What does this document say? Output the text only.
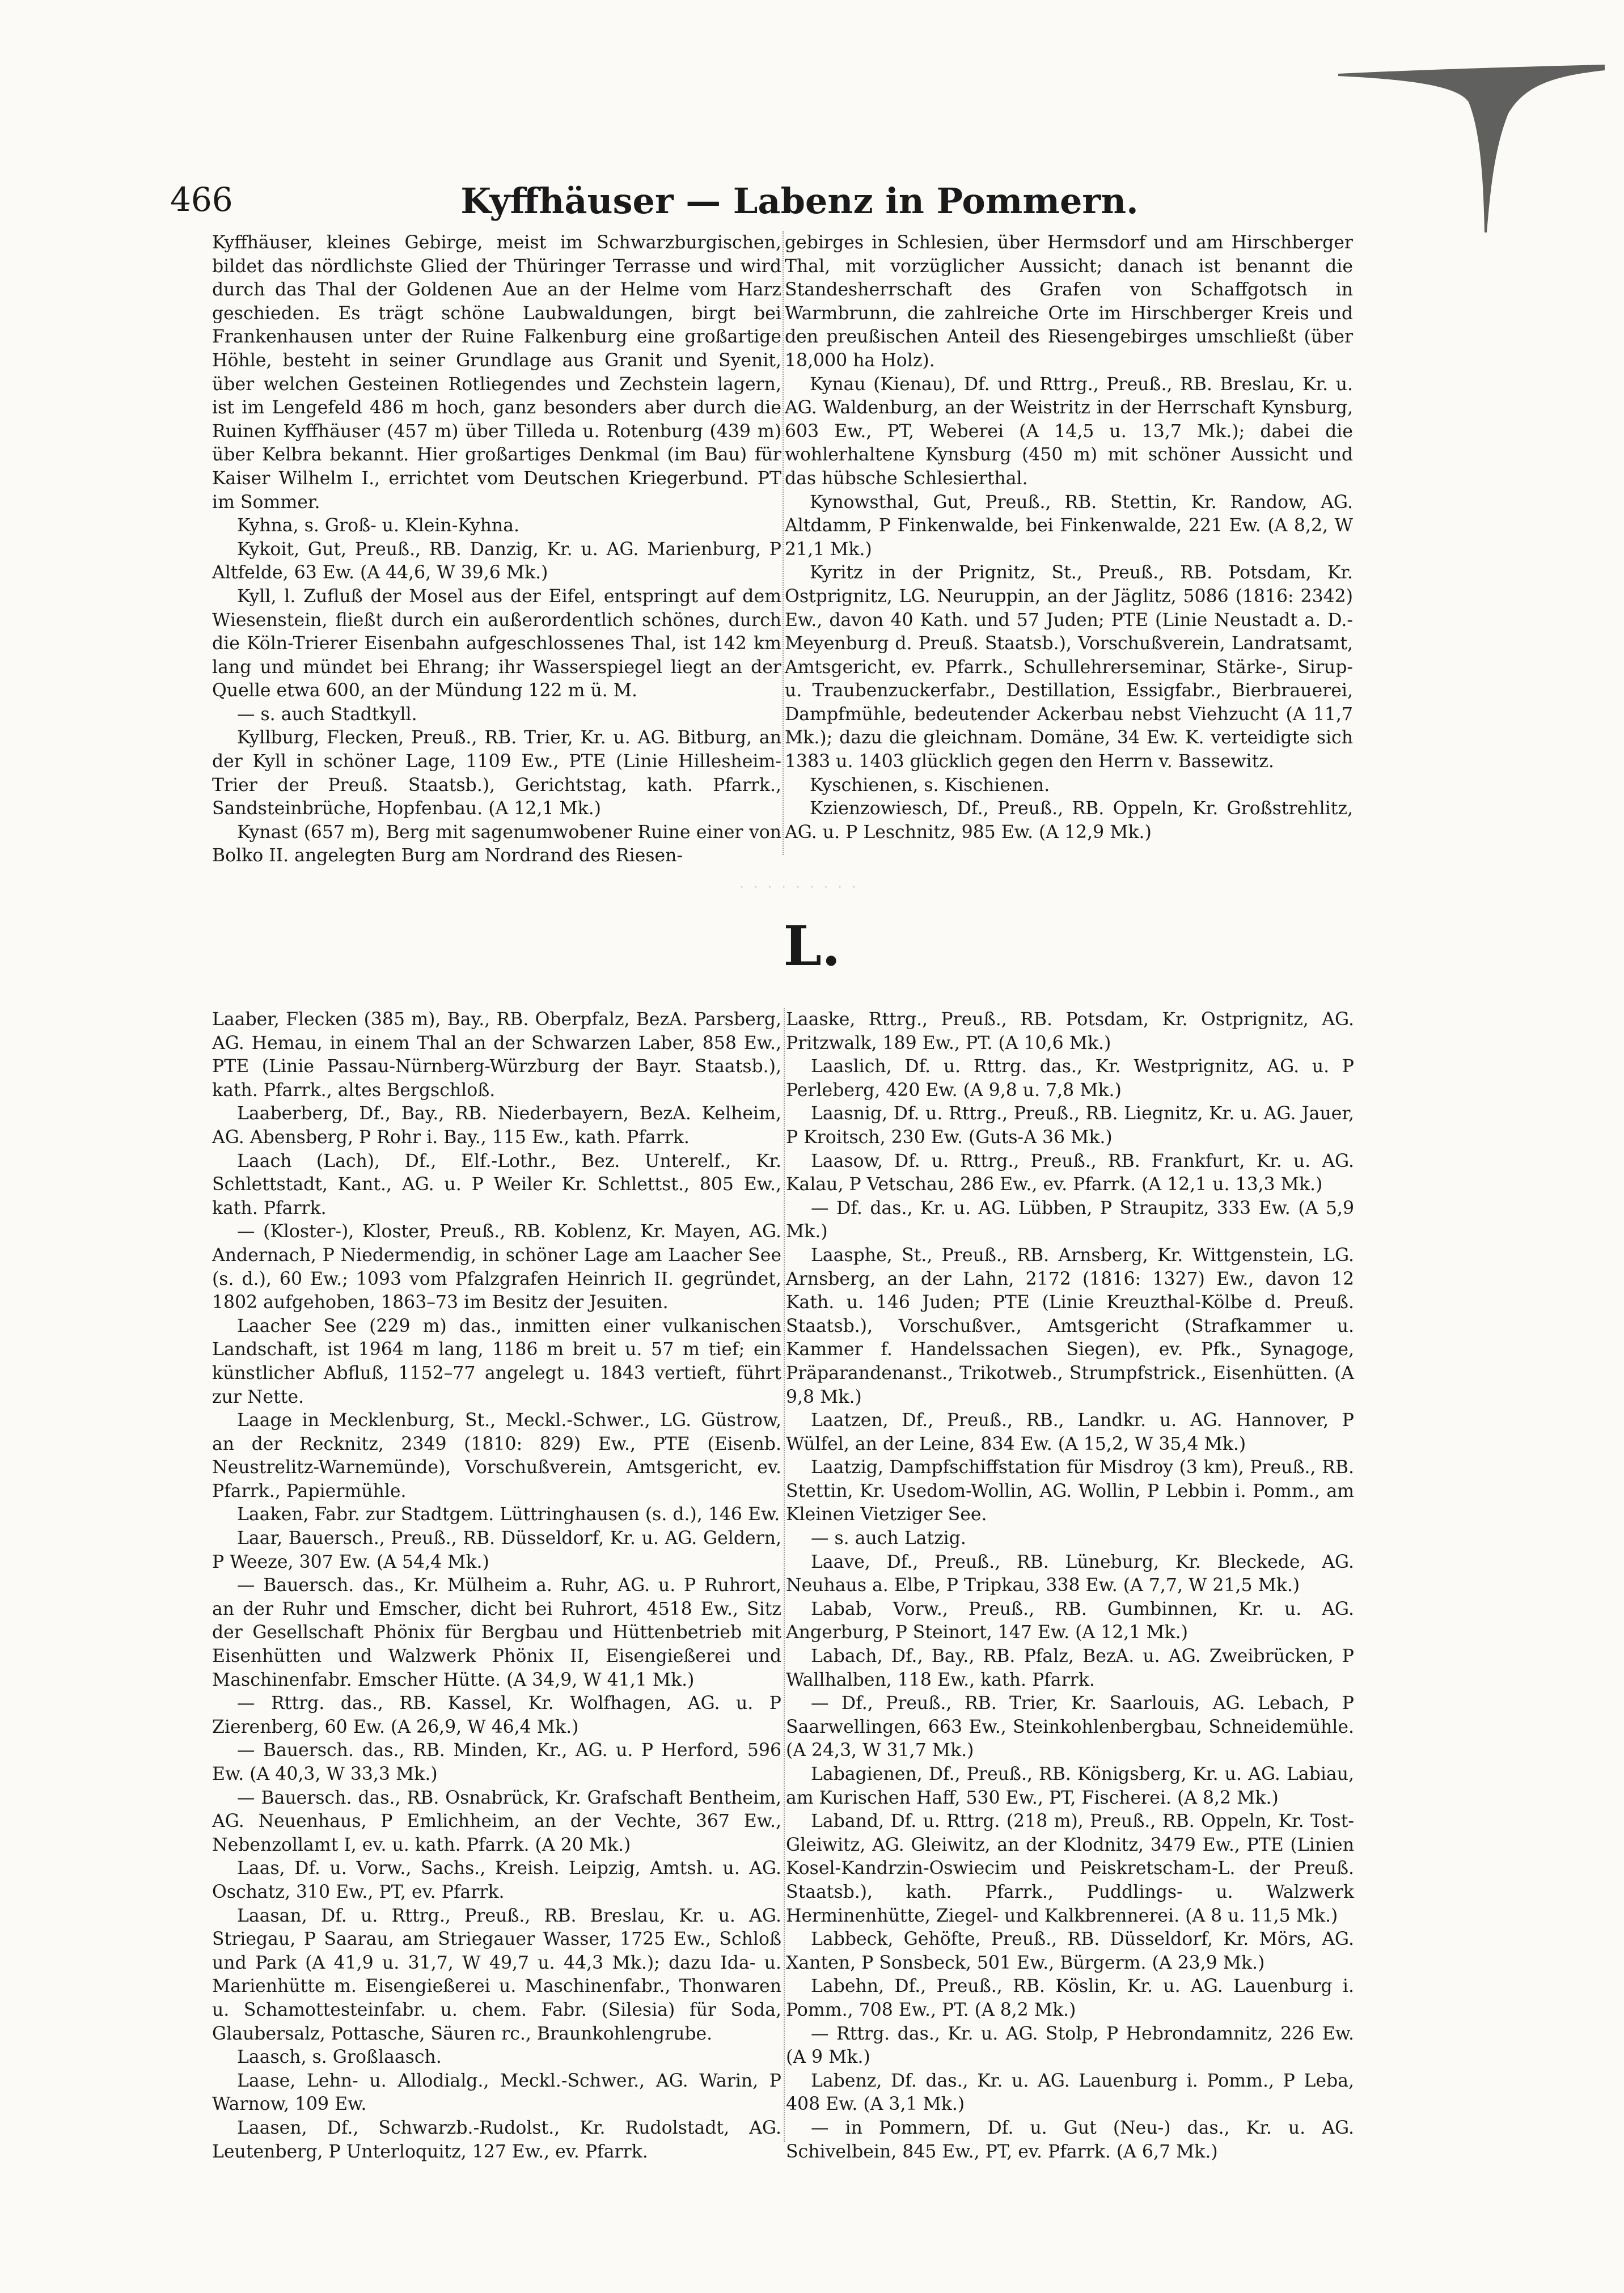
466	Kyffhäuser — Labenz in Pommern.

Kyffhäuser, kleines Gebirge, meist im Schwarzburgischen, bildet das nördlichste Glied der Thüringer Terrasse und wird durch das Thal der Goldenen Aue an der Helme vom Harz geschieden. Es trägt schöne Laubwaldungen, birgt bei Frankenhausen unter der Ruine Falkenburg eine großartige Höhle, besteht in seiner Grundlage aus Granit und Syenit, über welchen Gesteinen Rotliegendes und Zechstein lagern, ist im Lengefeld 486 m hoch, ganz besonders aber durch die Ruinen Kyffhäuser (457 m) über Tilleda u. Rotenburg (439 m) über Kelbra bekannt. Hier großartiges Denkmal (im Bau) für Kaiser Wilhelm I., errichtet vom Deutschen Kriegerbund. PT im Sommer.

Kyhna, s. Groß- u. Klein-Kyhna.

Kykoit, Gut, Preuß., RB. Danzig, Kr. u. AG. Marienburg, P Altfelde, 63 Ew. (A 44,6, W 39,6 Mk.)

Kyll, l. Zufluß der Mosel aus der Eifel, entspringt auf dem Wiesenstein, fließt durch ein außerordentlich schönes, durch die Köln-Trierer Eisenbahn aufgeschlossenes Thal, ist 142 km lang und mündet bei Ehrang; ihr Wasserspiegel liegt an der Quelle etwa 600, an der Mündung 122 m ü. M.

— s. auch Stadtkyll.

Kyllburg, Flecken, Preuß., RB. Trier, Kr. u. AG. Bitburg, an der Kyll in schöner Lage, 1109 Ew., PTE (Linie Hillesheim-Trier der Preuß. Staatsb.), Gerichtstag, kath. Pfarrk., Sandsteinbrüche, Hopfenbau. (A 12,1 Mk.)

Kynast (657 m), Berg mit sagenumwobener Ruine einer von Bolko II. angelegten Burg am Nordrand des Riesen-

gebirges in Schlesien, über Hermsdorf und am Hirschberger Thal, mit vorzüglicher Aussicht; danach ist benannt die Standesherrschaft des Grafen von Schaffgotsch in Warmbrunn, die zahlreiche Orte im Hirschberger Kreis und den preußischen Anteil des Riesengebirges umschließt (über 18,000 ha Holz).

Kynau (Kienau), Df. und Rttrg., Preuß., RB. Breslau, Kr. u. AG. Waldenburg, an der Weistritz in der Herrschaft Kynsburg, 603 Ew., PT, Weberei (A 14,5 u. 13,7 Mk.); dabei die wohlerhaltene Kynsburg (450 m) mit schöner Aussicht und das hübsche Schlesierthal.

Kynowsthal, Gut, Preuß., RB. Stettin, Kr. Randow, AG. Altdamm, P Finkenwalde, bei Finkenwalde, 221 Ew. (A 8,2, W 21,1 Mk.)

Kyritz in der Prignitz, St., Preuß., RB. Potsdam, Kr. Ostprignitz, LG. Neuruppin, an der Jäglitz, 5086 (1816: 2342) Ew., davon 40 Kath. und 57 Juden; PTE (Linie Neustadt a. D.-Meyenburg d. Preuß. Staatsb.), Vorschußverein, Landratsamt, Amtsgericht, ev. Pfarrk., Schullehrerseminar, Stärke-, Sirup- u. Traubenzuckerfabr., Destillation, Essigfabr., Bierbrauerei, Dampfmühle, bedeutender Ackerbau nebst Viehzucht (A 11,7 Mk.); dazu die gleichnam. Domäne, 34 Ew. K. verteidigte sich 1383 u. 1403 glücklich gegen den Herrn v. Bassewitz.

Kyschienen, s. Kischienen.

Kzienzowiesch, Df., Preuß., RB. Oppeln, Kr. Großstrehlitz, AG. u. P Leschnitz, 985 Ew. (A 12,9 Mk.)

· · · · · · · · ·
L.

Laaber, Flecken (385 m), Bay., RB. Oberpfalz, BezA. Parsberg, AG. Hemau, in einem Thal an der Schwarzen Laber, 858 Ew., PTE (Linie Passau-Nürnberg-Würzburg der Bayr. Staatsb.), kath. Pfarrk., altes Bergschloß.

Laaberberg, Df., Bay., RB. Niederbayern, BezA. Kelheim, AG. Abensberg, P Rohr i. Bay., 115 Ew., kath. Pfarrk.

Laach (Lach), Df., Elf.-Lothr., Bez. Unterelf., Kr. Schlettstadt, Kant., AG. u. P Weiler Kr. Schlettst., 805 Ew., kath. Pfarrk.

— (Kloster-), Kloster, Preuß., RB. Koblenz, Kr. Mayen, AG. Andernach, P Niedermendig, in schöner Lage am Laacher See (s. d.), 60 Ew.; 1093 vom Pfalzgrafen Heinrich II. gegründet, 1802 aufgehoben, 1863–73 im Besitz der Jesuiten.

Laacher See (229 m) das., inmitten einer vulkanischen Landschaft, ist 1964 m lang, 1186 m breit u. 57 m tief; ein künstlicher Abfluß, 1152–77 angelegt u. 1843 vertieft, führt zur Nette.

Laage in Mecklenburg, St., Meckl.-Schwer., LG. Güstrow, an der Recknitz, 2349 (1810: 829) Ew., PTE (Eisenb. Neustrelitz-Warnemünde), Vorschußverein, Amtsgericht, ev. Pfarrk., Papiermühle.

Laaken, Fabr. zur Stadtgem. Lüttringhausen (s. d.), 146 Ew.

Laar, Bauersch., Preuß., RB. Düsseldorf, Kr. u. AG. Geldern, P Weeze, 307 Ew. (A 54,4 Mk.)

— Bauersch. das., Kr. Mülheim a. Ruhr, AG. u. P Ruhrort, an der Ruhr und Emscher, dicht bei Ruhrort, 4518 Ew., Sitz der Gesellschaft Phönix für Bergbau und Hüttenbetrieb mit Eisenhütten und Walzwerk Phönix II, Eisengießerei und Maschinenfabr. Emscher Hütte. (A 34,9, W 41,1 Mk.)

— Rttrg. das., RB. Kassel, Kr. Wolfhagen, AG. u. P Zierenberg, 60 Ew. (A 26,9, W 46,4 Mk.)

— Bauersch. das., RB. Minden, Kr., AG. u. P Herford, 596 Ew. (A 40,3, W 33,3 Mk.)

— Bauersch. das., RB. Osnabrück, Kr. Grafschaft Bentheim, AG. Neuenhaus, P Emlichheim, an der Vechte, 367 Ew., Nebenzollamt I, ev. u. kath. Pfarrk. (A 20 Mk.)

Laas, Df. u. Vorw., Sachs., Kreish. Leipzig, Amtsh. u. AG. Oschatz, 310 Ew., PT, ev. Pfarrk.

Laasan, Df. u. Rttrg., Preuß., RB. Breslau, Kr. u. AG. Striegau, P Saarau, am Striegauer Wasser, 1725 Ew., Schloß und Park (A 41,9 u. 31,7, W 49,7 u. 44,3 Mk.); dazu Ida- u. Marienhütte m. Eisengießerei u. Maschinenfabr., Thonwaren u. Schamottesteinfabr. u. chem. Fabr. (Silesia) für Soda, Glaubersalz, Pottasche, Säuren rc., Braunkohlengrube.

Laasch, s. Großlaasch.

Laase, Lehn- u. Allodialg., Meckl.-Schwer., AG. Warin, P Warnow, 109 Ew.

Laasen, Df., Schwarzb.-Rudolst., Kr. Rudolstadt, AG. Leutenberg, P Unterloquitz, 127 Ew., ev. Pfarrk.

Laaske, Rttrg., Preuß., RB. Potsdam, Kr. Ostprignitz, AG. Pritzwalk, 189 Ew., PT. (A 10,6 Mk.)

Laaslich, Df. u. Rttrg. das., Kr. Westprignitz, AG. u. P Perleberg, 420 Ew. (A 9,8 u. 7,8 Mk.)

Laasnig, Df. u. Rttrg., Preuß., RB. Liegnitz, Kr. u. AG. Jauer, P Kroitsch, 230 Ew. (Guts-A 36 Mk.)

Laasow, Df. u. Rttrg., Preuß., RB. Frankfurt, Kr. u. AG. Kalau, P Vetschau, 286 Ew., ev. Pfarrk. (A 12,1 u. 13,3 Mk.)

— Df. das., Kr. u. AG. Lübben, P Straupitz, 333 Ew. (A 5,9 Mk.)

Laasphe, St., Preuß., RB. Arnsberg, Kr. Wittgenstein, LG. Arnsberg, an der Lahn, 2172 (1816: 1327) Ew., davon 12 Kath. u. 146 Juden; PTE (Linie Kreuzthal-Kölbe d. Preuß. Staatsb.), Vorschußver., Amtsgericht (Strafkammer u. Kammer f. Handelssachen Siegen), ev. Pfk., Synagoge, Präparandenanst., Trikotweb., Strumpfstrick., Eisenhütten. (A 9,8 Mk.)

Laatzen, Df., Preuß., RB., Landkr. u. AG. Hannover, P Wülfel, an der Leine, 834 Ew. (A 15,2, W 35,4 Mk.)

Laatzig, Dampfschiffstation für Misdroy (3 km), Preuß., RB. Stettin, Kr. Usedom-Wollin, AG. Wollin, P Lebbin i. Pomm., am Kleinen Vietziger See.

— s. auch Latzig.

Laave, Df., Preuß., RB. Lüneburg, Kr. Bleckede, AG. Neuhaus a. Elbe, P Tripkau, 338 Ew. (A 7,7, W 21,5 Mk.)

Labab, Vorw., Preuß., RB. Gumbinnen, Kr. u. AG. Angerburg, P Steinort, 147 Ew. (A 12,1 Mk.)

Labach, Df., Bay., RB. Pfalz, BezA. u. AG. Zweibrücken, P Wallhalben, 118 Ew., kath. Pfarrk.

— Df., Preuß., RB. Trier, Kr. Saarlouis, AG. Lebach, P Saarwellingen, 663 Ew., Steinkohlenbergbau, Schneidemühle. (A 24,3, W 31,7 Mk.)

Labagienen, Df., Preuß., RB. Königsberg, Kr. u. AG. Labiau, am Kurischen Haff, 530 Ew., PT, Fischerei. (A 8,2 Mk.)

Laband, Df. u. Rttrg. (218 m), Preuß., RB. Oppeln, Kr. Tost-Gleiwitz, AG. Gleiwitz, an der Klodnitz, 3479 Ew., PTE (Linien Kosel-Kandrzin-Oswiecim und Peiskretscham-L. der Preuß. Staatsb.), kath. Pfarrk., Puddlings- u. Walzwerk Herminenhütte, Ziegel- und Kalkbrennerei. (A 8 u. 11,5 Mk.)

Labbeck, Gehöfte, Preuß., RB. Düsseldorf, Kr. Mörs, AG. Xanten, P Sonsbeck, 501 Ew., Bürgerm. (A 23,9 Mk.)

Labehn, Df., Preuß., RB. Köslin, Kr. u. AG. Lauenburg i. Pomm., 708 Ew., PT. (A 8,2 Mk.)

— Rttrg. das., Kr. u. AG. Stolp, P Hebrondamnitz, 226 Ew. (A 9 Mk.)

Labenz, Df. das., Kr. u. AG. Lauenburg i. Pomm., P Leba, 408 Ew. (A 3,1 Mk.)

— in Pommern, Df. u. Gut (Neu-) das., Kr. u. AG. Schivelbein, 845 Ew., PT, ev. Pfarrk. (A 6,7 Mk.)
